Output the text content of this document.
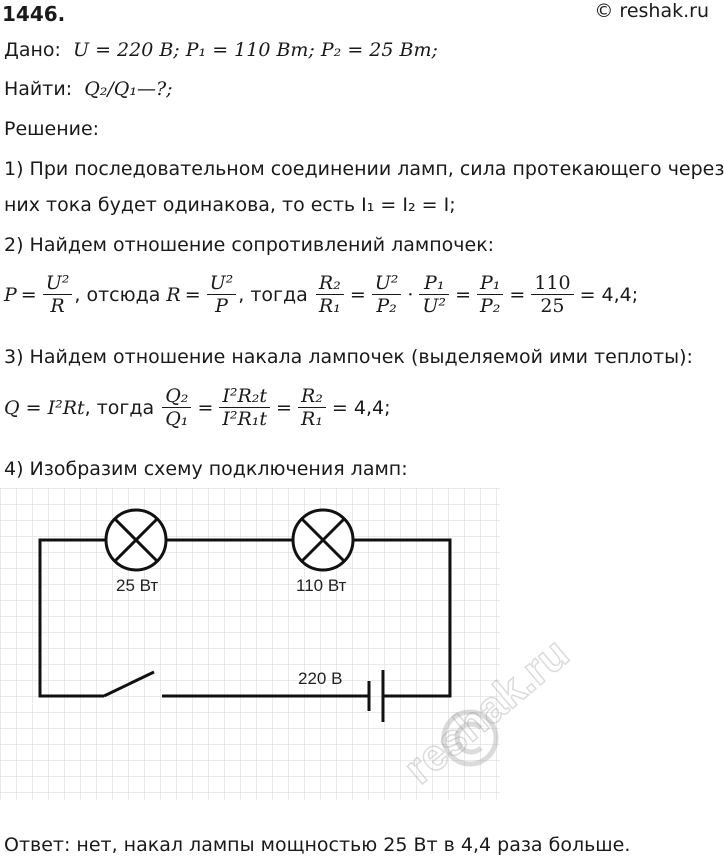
1446.	© reshak.ru
Дано: U = 220 В; P₁ = 110 Вт; P₂ = 25 Вт;
Найти: Q₂/Q₁—?;
Решение:
1) При последовательном соединении ламп, сила протекающего через
них тока будет одинакова, то есть I₁ = I₂ = I;
2) Найдем отношение сопротивлений лампочек:
$P = \frac{\text{U²}}{R}$ , отсюда
$R = \frac{\text{U²}}{P}$ , тогда
$\frac{\text{R₂}}{\text{R₁}} = \frac{\text{U²}}{\text{P₂}} \cdot \frac{\text{P₁}}{\text{U²}} = \frac{\text{P₁}}{\text{P₂}} = \frac{110}{25} = 4,4$;
3) Найдем отношение накала лампочек (выделяемой ими теплоты):
Q = I²Rt , тогда
$\frac{\text{Q₂}}{\text{Q₁}} = \frac{\text{I²R₂t}}{\text{I²R₁t}} = \frac{\text{R₂}}{\text{R₁}} = 4,4$;
4) Изобразим схему подключения ламп:
25 Вт	110 Вт
220 В reshak.ru
Ответ: нет, накал лампы мощностью 25 Вт в 4,4 раза больше.
